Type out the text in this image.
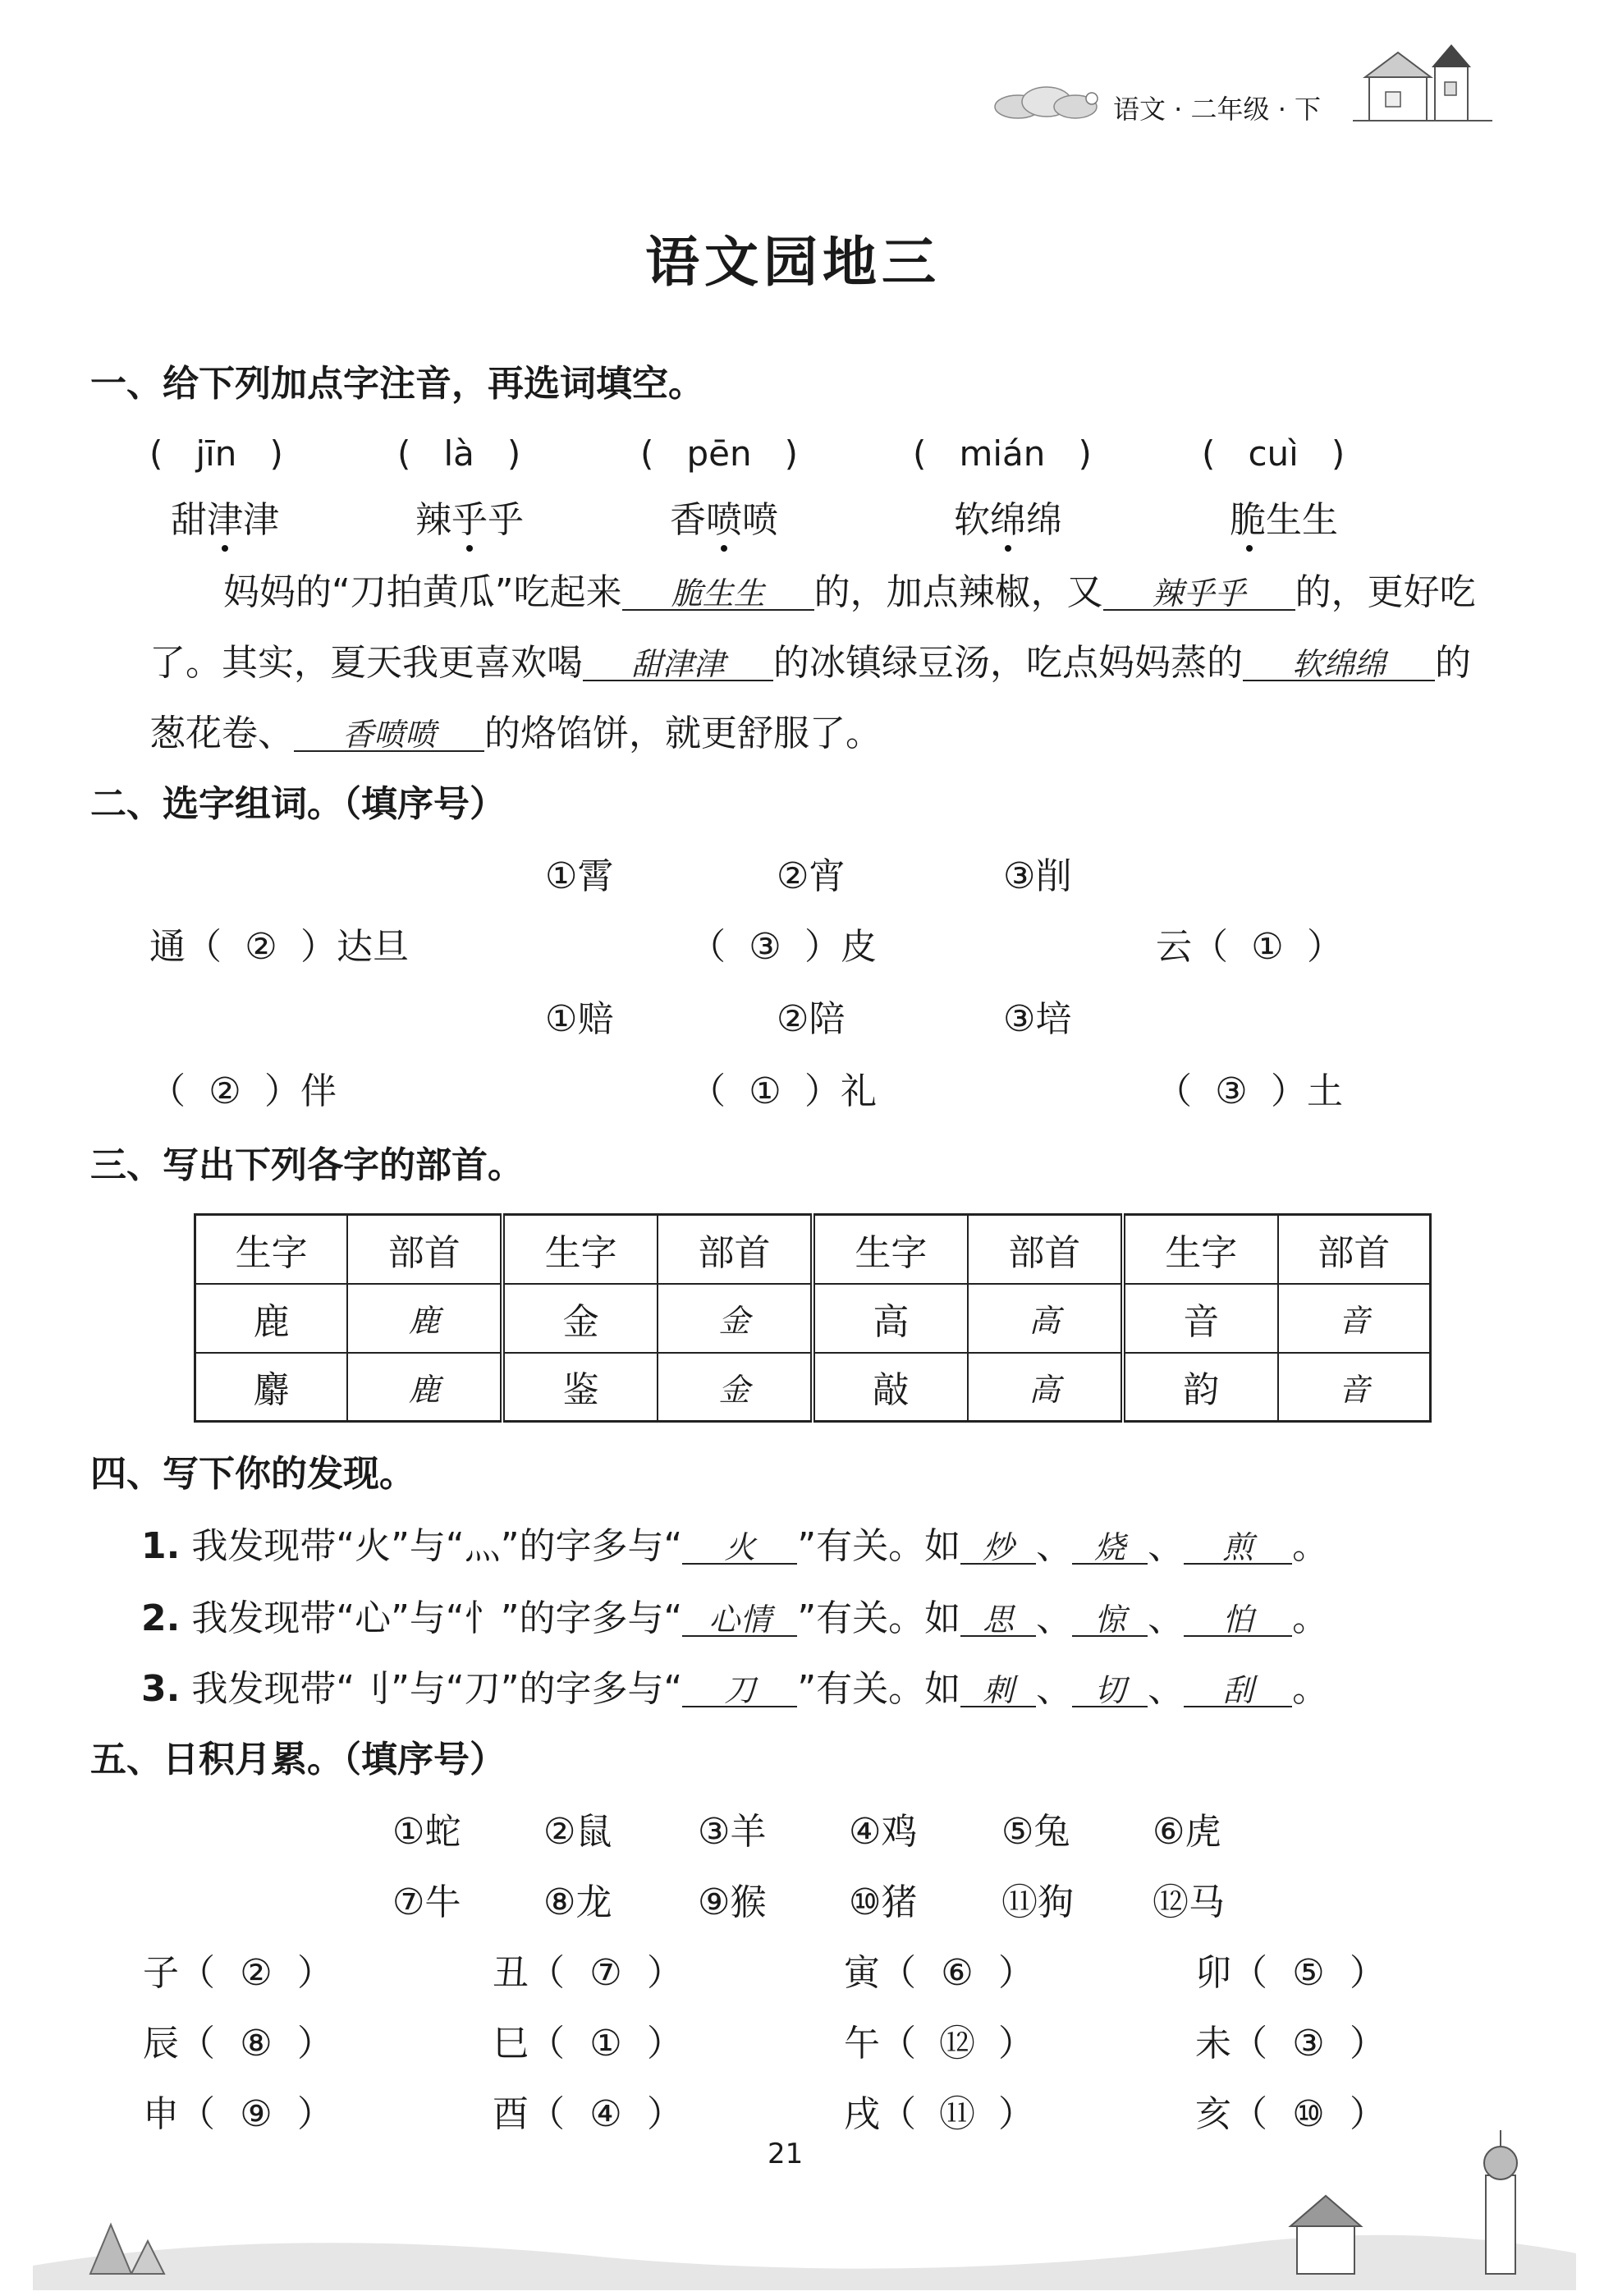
语文 · 二年级 · 下
语文园地三
一、给下列加点字注音，再选词填空。
(   jīn   )	(   là   )	(   pēn   )	(   mián   )	(   cuì   )
甜津津	辣乎乎	香喷喷	软绵绵	脆生生
妈妈的“刀拍黄瓜”吃起来 脆生生 的，加点辣椒，又 辣乎乎 的，更好吃
了。其实，夏天我更喜欢喝 甜津津 的冰镇绿豆汤，吃点妈妈蒸的 软绵绵 的
葱花卷、 香喷喷 的烙馅饼，就更舒服了。
二、选字组词。（填序号）
①霄	②宵	③削
通（ ② ）达旦	（ ③ ）皮	云（ ① ）
①赔	②陪	③培
（ ② ）伴	（ ① ）礼	（ ③ ）土
三、写出下列各字的部首。
生字	部首	生字	部首	生字	部首	生字	部首
鹿	鹿	金	金	高	高	音	音
麝	鹿	鉴	金	敲	高	韵	音
四、写下你的发现。
1. 我发现带“火”与“灬”的字多与“ 火 ”有关。如 炒 、 烧 、 煎 。
2. 我发现带“心”与“忄”的字多与“ 心情 ”有关。如 思 、 惊 、 怕 。
3. 我发现带“刂”与“刀”的字多与“ 刀 ”有关。如 刺 、 切 、 刮 。
五、日积月累。（填序号）
①蛇 ②鼠 ③羊 ④鸡 ⑤兔 ⑥虎
⑦牛 ⑧龙 ⑨猴 ⑩猪 ⑪狗 ⑫马
子（ ② ）	丑（ ⑦ ）	寅（ ⑥ ）	卯（ ⑤ ）
辰（ ⑧ ）	巳（ ① ）	午（ ⑫ ）	未（ ③ ）
申（ ⑨ ）	酉（ ④ ）	戌（ ⑪ ）	亥（ ⑩ ）
21
